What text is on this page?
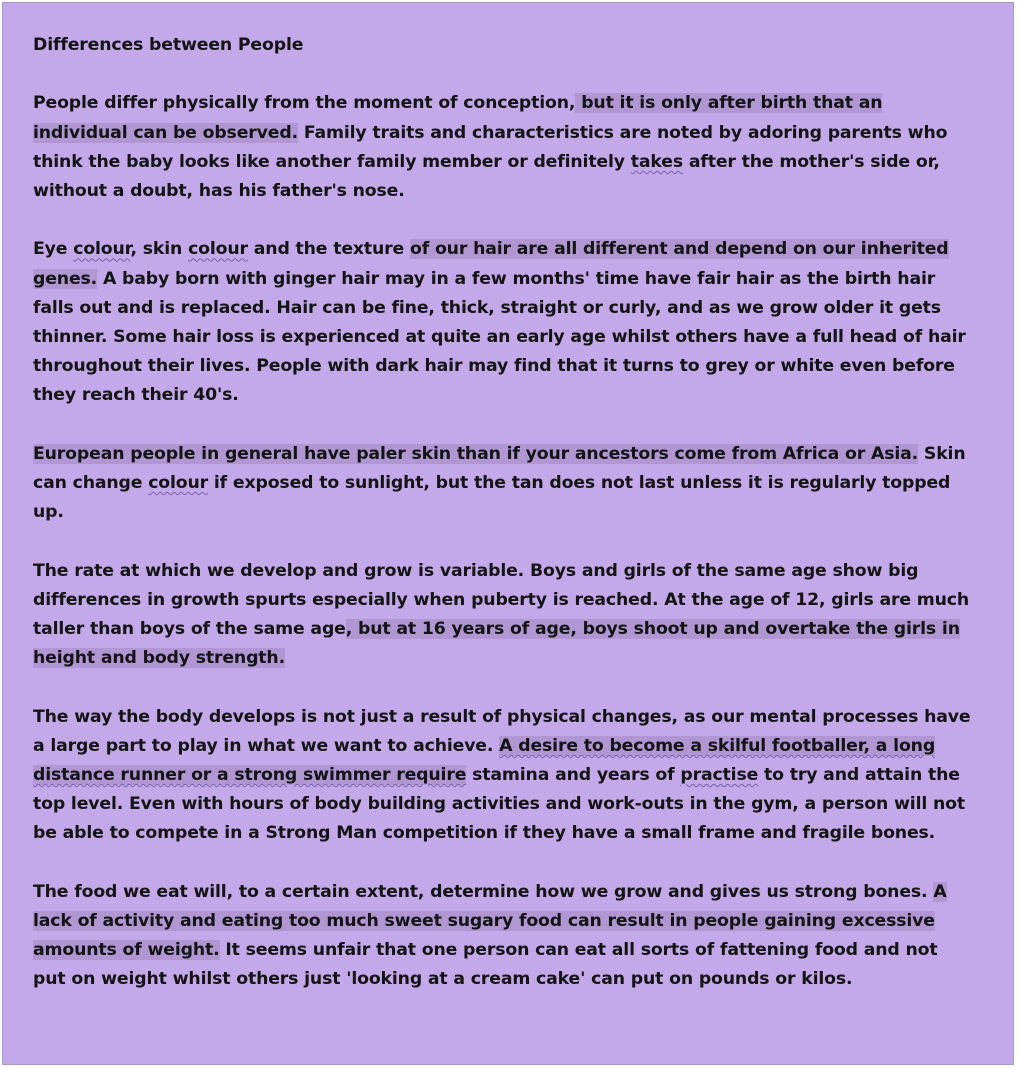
Differences between People

People differ physically from the moment of conception, but it is only after birth that an individual can be observed. Family traits and characteristics are noted by adoring parents who think the baby looks like another family member or definitely takes after the mother's side or, without a doubt, has his father's nose.

Eye colour, skin colour and the texture of our hair are all different and depend on our inherited genes. A baby born with ginger hair may in a few months' time have fair hair as the birth hair falls out and is replaced. Hair can be fine, thick, straight or curly, and as we grow older it gets thinner. Some hair loss is experienced at quite an early age whilst others have a full head of hair throughout their lives. People with dark hair may find that it turns to grey or white even before they reach their 40's.

European people in general have paler skin than if your ancestors come from Africa or Asia. Skin can change colour if exposed to sunlight, but the tan does not last unless it is regularly topped up.

The rate at which we develop and grow is variable. Boys and girls of the same age show big differences in growth spurts especially when puberty is reached. At the age of 12, girls are much taller than boys of the same age, but at 16 years of age, boys shoot up and overtake the girls in height and body strength.

The way the body develops is not just a result of physical changes, as our mental processes have a large part to play in what we want to achieve. A desire to become a skilful footballer, a long distance runner or a strong swimmer require stamina and years of practise to try and attain the top level. Even with hours of body building activities and work-outs in the gym, a person will not be able to compete in a Strong Man competition if they have a small frame and fragile bones.

The food we eat will, to a certain extent, determine how we grow and gives us strong bones. A lack of activity and eating too much sweet sugary food can result in people gaining excessive amounts of weight. It seems unfair that one person can eat all sorts of fattening food and not put on weight whilst others just 'looking at a cream cake' can put on pounds or kilos.
